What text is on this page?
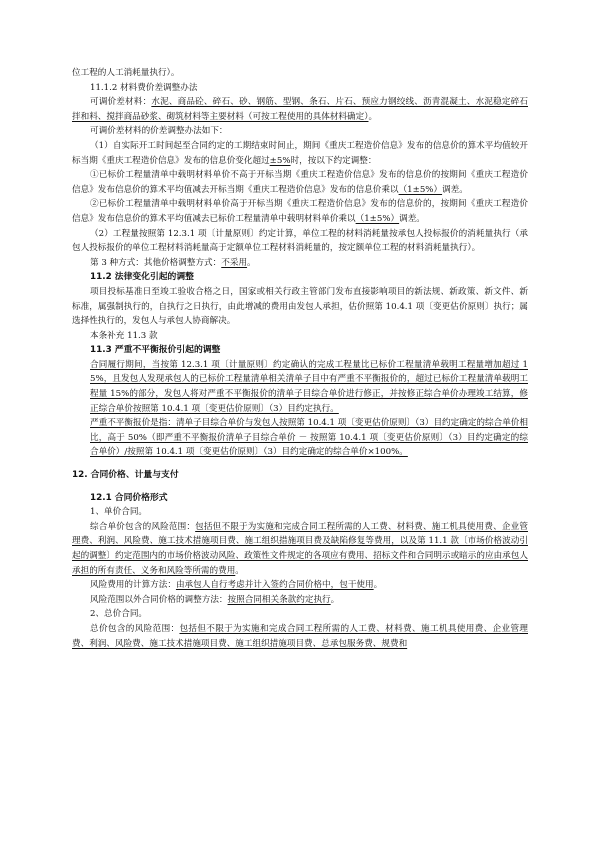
位工程的人工消耗量执行）。

11.1.2 材料费价差调整办法

可调价差材料：水泥、商品砼、碎石、砂、钢筋、型钢、条石、片石、预应力钢绞线、沥青混凝土、水泥稳定碎石拌和料、搅拌商品砂浆、砌筑材料等主要材料（可按工程使用的具体材料确定）。

可调价差材料的价差调整办法如下：

（1）自实际开工时间起至合同约定的工期结束时间止，期间《重庆工程造价信息》发布的信息价的算术平均值较开标当期《重庆工程造价信息》发布的信息价变化超过±5%时，按以下约定调整：

①已标价工程量清单中载明材料单价不高于开标当期《重庆工程造价信息》发布的信息价的按期间《重庆工程造价信息》发布信息价的算术平均值减去开标当期《重庆工程造价信息》发布的信息价乘以（1±5%）调差。

②已标价工程量清单中载明材料单价高于开标当期《重庆工程造价信息》发布的信息价的，按期间《重庆工程造价信息》发布信息价的算术平均值减去已标价工程量清单中载明材料单价乘以（1±5%）调差。

（2）工程量按照第 12.3.1 项〔计量原则〕约定计算，单位工程的材料消耗量按承包人投标报价的消耗量执行（承包人投标报价的单位工程材料消耗量高于定额单位工程材料消耗量的，按定额单位工程的材料消耗量执行）。

第 3 种方式：其他价格调整方式：不采用。

11.2 法律变化引起的调整

项目投标基准日至竣工验收合格之日，国家或相关行政主管部门发布直接影响项目的新法规、新政策、新文件、新标准，属强制执行的，自执行之日执行，由此增减的费用由发包人承担，估价照第 10.4.1 项〔变更估价原则〕执行；属选择性执行的，发包人与承包人协商解决。

本条补充 11.3 款

11.3 严重不平衡报价引起的调整

合同履行期间，当按第 12.3.1 项〔计量原则〕约定确认的完成工程量比已标价工程量清单载明工程量增加超过 15%，且发包人发现承包人的已标价工程量清单相关清单子目中有严重不平衡报价的，超过已标价工程量清单载明工程量 15%的部分，发包人将对严重不平衡报价的清单子目综合单价进行修正，并按修正综合单价办理竣工结算，修正综合单价按照第 10.4.1 项〔变更估价原则〕（3）目约定执行。

严重不平衡报价是指：清单子目综合单价与发包人按照第 10.4.1 项〔变更估价原则〕（3）目约定确定的综合单价相比，高于 50%（即严重不平衡报价清单子目综合单价 － 按照第 10.4.1 项〔变更估价原则〕（3）目约定确定的综合单价）/按照第 10.4.1 项〔变更估价原则〕（3）目约定确定的综合单价×100%。

12. 合同价格、计量与支付

12.1 合同价格形式

1、单价合同。

综合单价包含的风险范围：包括但不限于为实施和完成合同工程所需的人工费、材料费、施工机具使用费、企业管理费、利润、风险费、施工技术措施项目费、施工组织措施项目费及缺陷修复等费用，以及第 11.1 款〔市场价格波动引起的调整〕约定范围内的市场价格波动风险、政策性文件规定的各项应有费用、招标文件和合同明示或暗示的应由承包人承担的所有责任、义务和风险等所需的费用。

风险费用的计算方法：由承包人自行考虑并计入签约合同价格中，包干使用。

风险范围以外合同价格的调整方法：按照合同相关条款约定执行。

2、总价合同。

总价包含的风险范围：包括但不限于为实施和完成合同工程所需的人工费、材料费、施工机具使用费、企业管理费、利润、风险费、施工技术措施项目费、施工组织措施项目费、总承包服务费、规费和
